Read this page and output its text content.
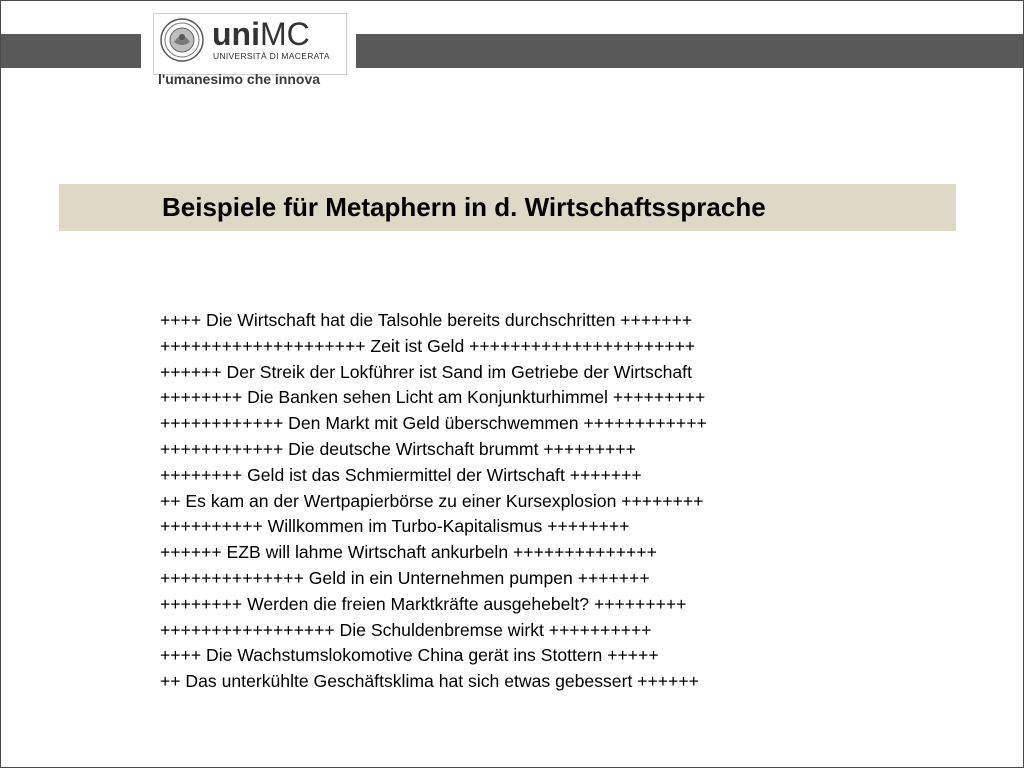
uniMC
UNIVERSITÀ DI MACERATA
l'umanesimo che innova
Beispiele für Metaphern in d. Wirtschaftssprache
++++ Die Wirtschaft hat die Talsohle bereits durchschritten +++++++
++++++++++++++++++++ Zeit ist Geld ++++++++++++++++++++++
++++++ Der Streik der Lokführer ist Sand im Getriebe der Wirtschaft
++++++++ Die Banken sehen Licht am Konjunkturhimmel +++++++++
++++++++++++ Den Markt mit Geld überschwemmen ++++++++++++
++++++++++++ Die deutsche Wirtschaft brummt +++++++++
++++++++ Geld ist das Schmiermittel der Wirtschaft +++++++
++ Es kam an der Wertpapierbörse zu einer Kursexplosion ++++++++
++++++++++ Willkommen im Turbo-Kapitalismus ++++++++
++++++ EZB will lahme Wirtschaft ankurbeln ++++++++++++++
++++++++++++++ Geld in ein Unternehmen pumpen +++++++
++++++++ Werden die freien Marktkräfte ausgehebelt? +++++++++
+++++++++++++++++ Die Schuldenbremse wirkt ++++++++++
++++ Die Wachstumslokomotive China gerät ins Stottern +++++
++ Das unterkühlte Geschäftsklima hat sich etwas gebessert ++++++
